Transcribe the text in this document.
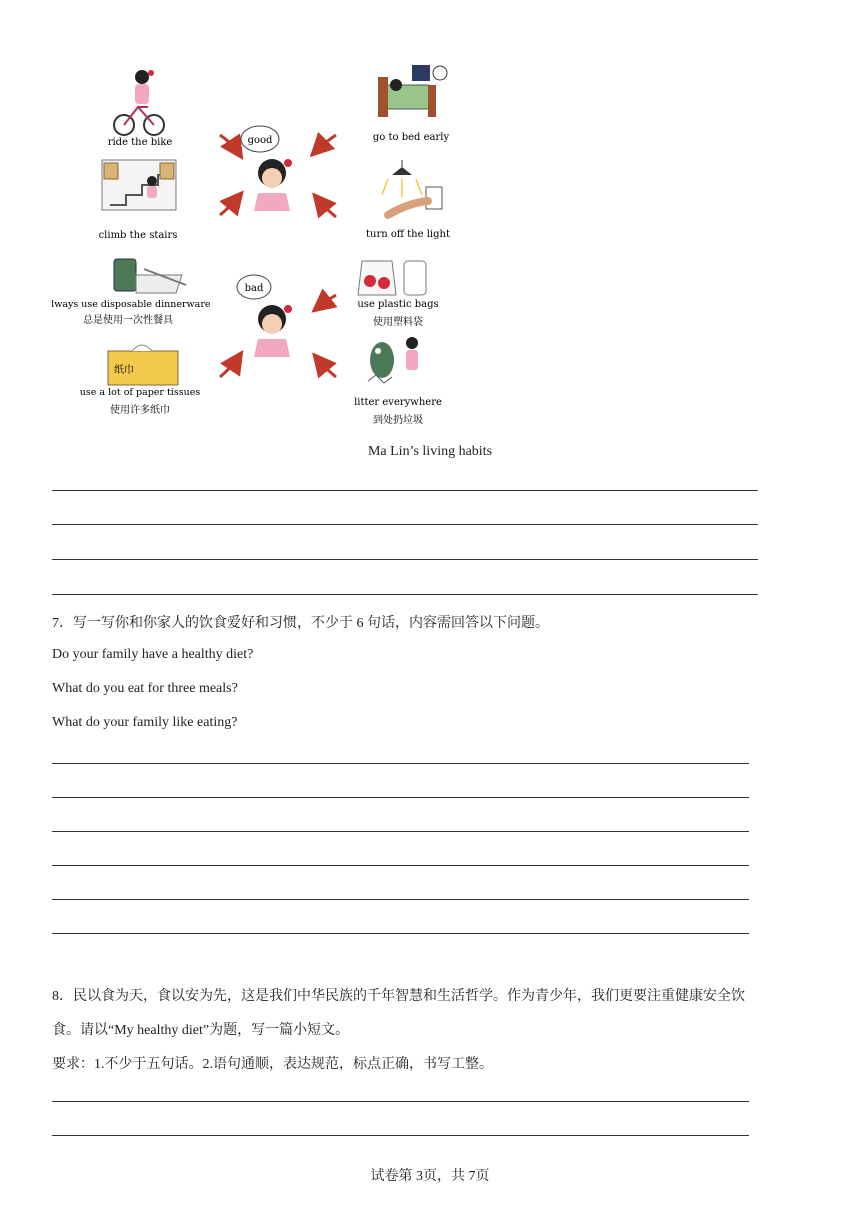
ride the bike
climb the stairs
go to bed early
turn off the light
always use disposable dinnerware
总是使用一次性餐具
纸巾
use a lot of paper tissues
使用许多纸巾
use plastic bags
使用塑料袋
litter everywhere
到处扔垃圾
good
bad
Ma Lin’s living habits
7．写一写你和你家人的饮食爱好和习惯，不少于 6 句话，内容需回答以下问题。
Do your family have a healthy diet?
What do you eat for three meals?
What do your family like eating?
8．民以食为天，食以安为先，这是我们中华民族的千年智慧和生活哲学。作为青少年，我们更要注重健康安全饮
食。请以“My healthy diet”为题，写一篇小短文。
要求：1.不少于五句话。2.语句通顺，表达规范，标点正确，书写工整。
试卷第 3页，共 7页
